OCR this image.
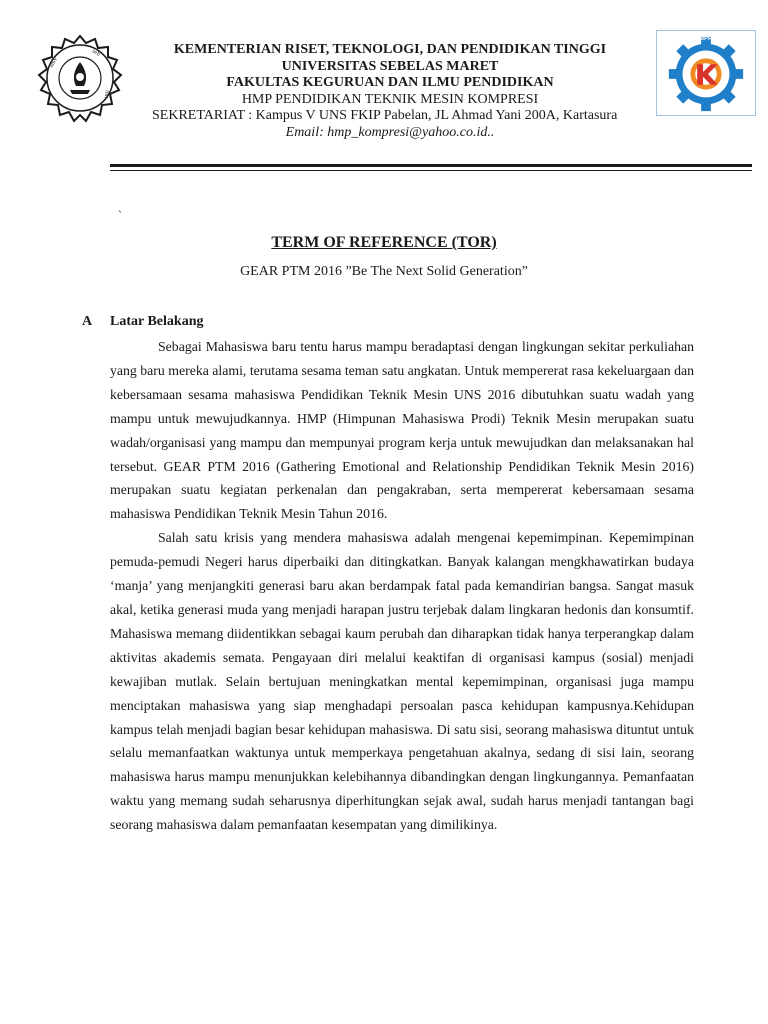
univ
seb
mrt
KOMPRESI
KEMENTERIAN RISET, TEKNOLOGI, DAN PENDIDIKAN TINGGI
UNIVERSITAS SEBELAS MARET
FAKULTAS KEGURUAN DAN ILMU PENDIDIKAN
HMP PENDIDIKAN TEKNIK MESIN KOMPRESI
SEKRETARIAT : Kampus V UNS FKIP Pabelan, JL Ahmad Yani 200A, Kartasura
Email: hmp_kompresi@yahoo.co.id..
`
TERM OF REFERENCE (TOR)
GEAR PTM 2016 ”Be The Next Solid Generation”
A Latar Belakang

Sebagai Mahasiswa baru tentu harus mampu beradaptasi dengan lingkungan sekitar perkuliahan yang baru mereka alami, terutama sesama teman satu angkatan. Untuk mempererat rasa kekeluargaan dan kebersamaan sesama mahasiswa Pendidikan Teknik Mesin UNS 2016 dibutuhkan suatu wadah yang mampu untuk mewujudkannya. HMP (Himpunan Mahasiswa Prodi) Teknik Mesin merupakan suatu wadah/organisasi yang mampu dan mempunyai program kerja untuk mewujudkan dan melaksanakan hal tersebut. GEAR PTM 2016 (Gathering Emotional and Relationship Pendidikan Teknik Mesin 2016) merupakan suatu kegiatan perkenalan dan pengakraban, serta mempererat kebersamaan sesama mahasiswa Pendidikan Teknik Mesin Tahun 2016.

Salah satu krisis yang mendera mahasiswa adalah mengenai kepemimpinan. Kepemimpinan pemuda-pemudi Negeri harus diperbaiki dan ditingkatkan. Banyak kalangan mengkhawatirkan budaya ‘manja’ yang menjangkiti generasi baru akan berdampak fatal pada kemandirian bangsa. Sangat masuk akal, ketika generasi muda yang menjadi harapan justru terjebak dalam lingkaran hedonis dan konsumtif. Mahasiswa memang diidentikkan sebagai kaum perubah dan diharapkan tidak hanya terperangkap dalam aktivitas akademis semata. Pengayaan diri melalui keaktifan di organisasi kampus (sosial) menjadi kewajiban mutlak. Selain bertujuan meningkatkan mental kepemimpinan, organisasi juga mampu menciptakan mahasiswa yang siap menghadapi persoalan pasca kehidupan kampusnya.Kehidupan kampus telah menjadi bagian besar kehidupan mahasiswa. Di satu sisi, seorang mahasiswa dituntut untuk selalu memanfaatkan waktunya untuk memperkaya pengetahuan akalnya, sedang di sisi lain, seorang mahasiswa harus mampu menunjukkan kelebihannya dibandingkan dengan lingkungannya. Pemanfaatan waktu yang memang sudah seharusnya diperhitungkan sejak awal, sudah harus menjadi tantangan bagi seorang mahasiswa dalam pemanfaatan kesempatan yang dimilikinya.
